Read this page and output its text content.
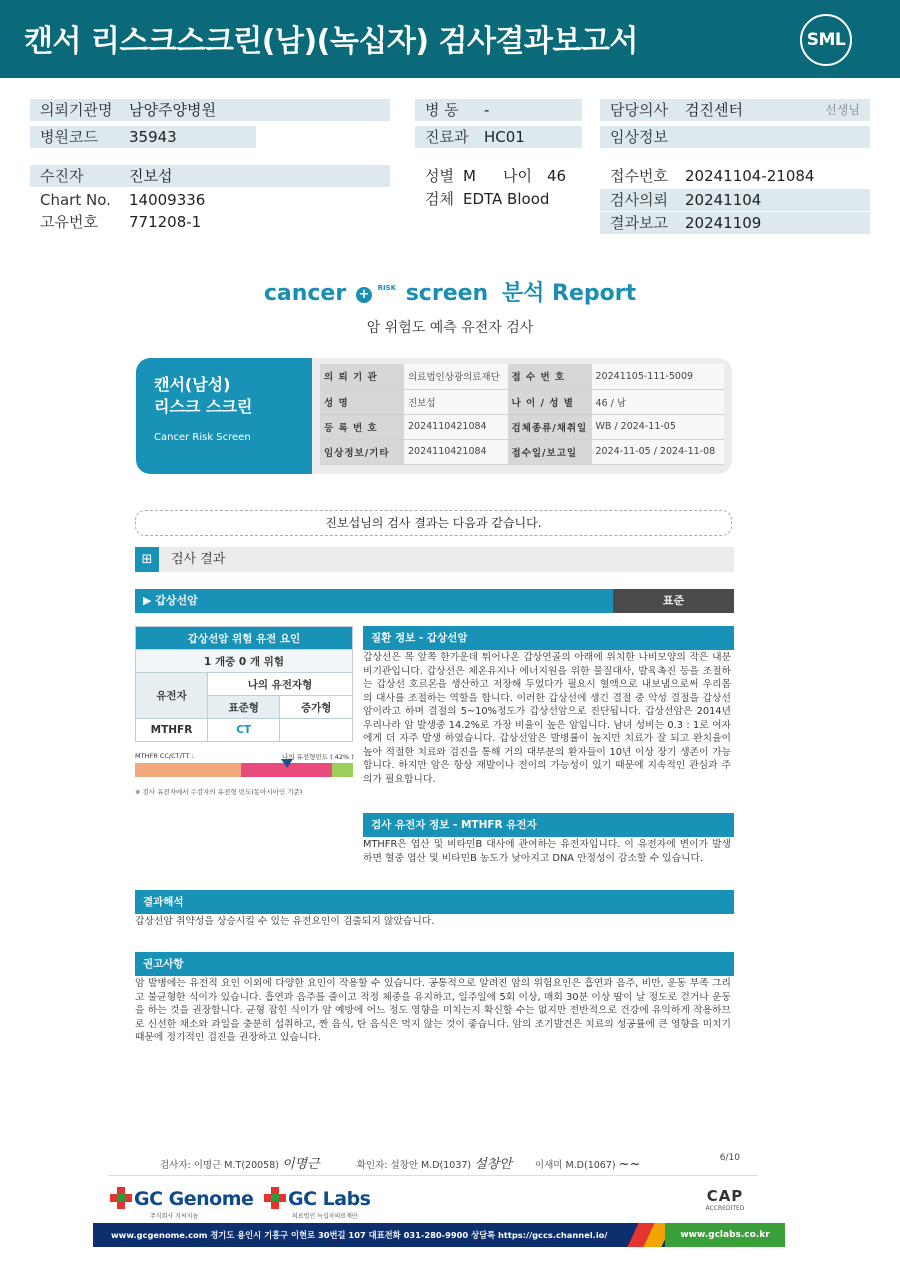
캔서 리스크스크린(남)(녹십자) 검사결과보고서	SML
의뢰기관명 남양주양병원
병원코드 35943
병 동 -
진료과 HC01
담당의사 검진센터	선생님
임상정보
수진자	진보섭
Chart No. 14009336
고유번호 771208-1
성별 M 나이 46
검체 EDTA Blood
접수번호 20241104-21084
검사의뢰 20241104
결과보고 20241109
cancer + $^{RISK}$ screen 분석 Report
암 위험도 예측 유전자 검사
캔서(남성)
리스크 스크린
Cancer Risk Screen
의 뢰 기 관	의료법인상광의료재단	접 수 번 호	20241105-111-5009
성 명	진보섭	나 이 / 성 별	46 / 남
등 록 번 호	2024110421084	검체종류/채취일	WB / 2024-11-05
임상정보/기타	2024110421084	접수일/보고일	2024-11-05 / 2024-11-08
진보섭님의 검사 결과는 다음과 같습니다.
⊞	검사 결과
▶ 갑상선암	표준
갑상선암 위험 유전 요인		
1 개중 0 개 위험		
유전자	나의 유전자형	
	표준형	증가형
MTHFR	CT	
MTHFR CC/CT/TT :	나의 유전형빈도 ( 42% )
※ 검사 유전자에서 수검자의 유전형 빈도(동아시아인 기준)
질환 정보 - 갑상선암
갑상선은 목 앞쪽 한가운데 튀어나온 갑상연골의 아래에 위치한 나비모양의 작은 내분비기관입니다. 갑상선은 체온유지나 에너지원을 위한 물질대사, 발육촉진 등을 조절하는 갑상선 호르몬을 생산하고 저장해 두었다가 필요시 혈액으로 내보냄으로써 우리몸의 대사를 조절하는 역할을 합니다. 이러한 갑상선에 생긴 결절 중 악성 결절을 갑상선암이라고 하며 결절의 5~10%정도가 갑상선암으로 진단됩니다. 갑상선암은 2014년 우리나라 암 발생중 14.2%로 가장 비율이 높은 암입니다. 남녀 성비는 0.3 : 1로 여자에게 더 자주 발생 하였습니다. 갑상선암은 발병률이 높지만 치료가 잘 되고 완치율이 높아 적절한 치료와 검진을 통해 거의 대부분의 환자들이 10년 이상 장기 생존이 가능합니다. 하지만 암은 항상 재발이나 전이의 가능성이 있기 때문에 지속적인 관심과 주의가 필요합니다.
검사 유전자 정보 - MTHFR 유전자
MTHFR은 엽산 및 비타민B 대사에 관여하는 유전자입니다. 이 유전자에 변이가 발생하면 혈중 엽산 및 비타민B 농도가 낮아지고 DNA 안정성이 감소할 수 있습니다.
결과해석
갑상선암 취약성을 상승시킬 수 있는 유전요인이 검출되지 않았습니다.
권고사항
암 발병에는 유전적 요인 이외에 다양한 요인이 작용할 수 있습니다. 공통적으로 알려진 암의 위험요인은 흡연과 음주, 비만, 운동 부족 그리고 불균형한 식이가 있습니다. 흡연과 음주를 줄이고 적정 체중을 유지하고, 일주일에 5회 이상, 매회 30분 이상 땀이 날 정도로 걷거나 운동을 하는 것을 권장합니다. 균형 잡힌 식이가 암 예방에 어느 정도 영향을 미치는지 확신할 수는 없지만 전반적으로 건강에 유익하게 작용하므로 신선한 채소와 과일을 충분히 섭취하고, 짠 음식, 탄 음식은 먹지 않는 것이 좋습니다. 암의 조기발견은 치료의 성공률에 큰 영향을 미치기 때문에 정기적인 검진을 권장하고 있습니다.
검사자: 이명근 M.T(20058) 이명근	확인자: 설창안 M.D(1037) 설창안 이새미 M.D(1067) ~~	6/10
GC Genome
주식회사 지씨지놈
GC Labs
의료법인 녹십자의료재단
CAP
ACCREDITED
www.gcgenome.com 경기도 용인시 기흥구 이현로 30번길 107 대표전화 031-280-9900 상담톡 https://gccs.channel.io/	www.gclabs.co.kr
